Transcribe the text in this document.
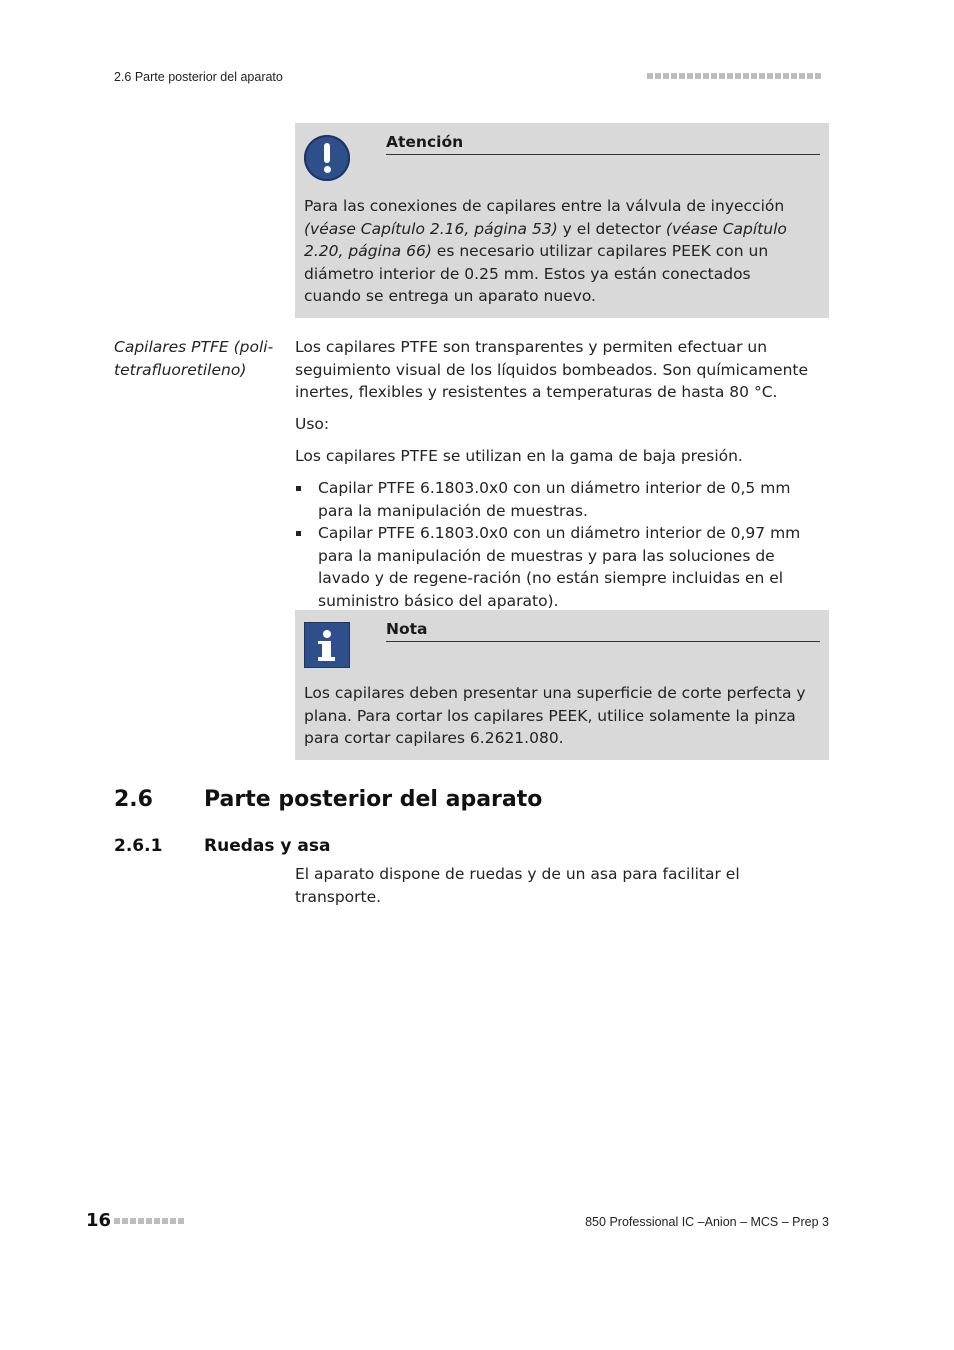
2.6 Parte posterior del aparato
Atención
Para las conexiones de capilares entre la válvula de inyección (véase Capítulo 2.16, página 53) y el detector (véase Capítulo 2.20, página 66) es necesario utilizar capilares PEEK con un diámetro interior de 0.25 mm. Estos ya están conectados cuando se entrega un aparato nuevo.
Capilares PTFE (poli-tetrafluoretileno)
Los capilares PTFE son transparentes y permiten efectuar un seguimiento visual de los líquidos bombeados. Son químicamente inertes, flexibles y resistentes a temperaturas de hasta 80 °C.
Uso:
Los capilares PTFE se utilizan en la gama de baja presión.
Capilar PTFE 6.1803.0x0 con un diámetro interior de 0,5 mm para la manipulación de muestras.
Capilar PTFE 6.1803.0x0 con un diámetro interior de 0,97 mm para la manipulación de muestras y para las soluciones de lavado y de regene-ración (no están siempre incluidas en el suministro básico del aparato).
Nota
Los capilares deben presentar una superficie de corte perfecta y plana. Para cortar los capilares PEEK, utilice solamente la pinza para cortar capilares 6.2621.080.
2.6 Parte posterior del aparato
2.6.1 Ruedas y asa
El aparato dispone de ruedas y de un asa para facilitar el transporte.
16	850 Professional IC –Anion – MCS – Prep 3
